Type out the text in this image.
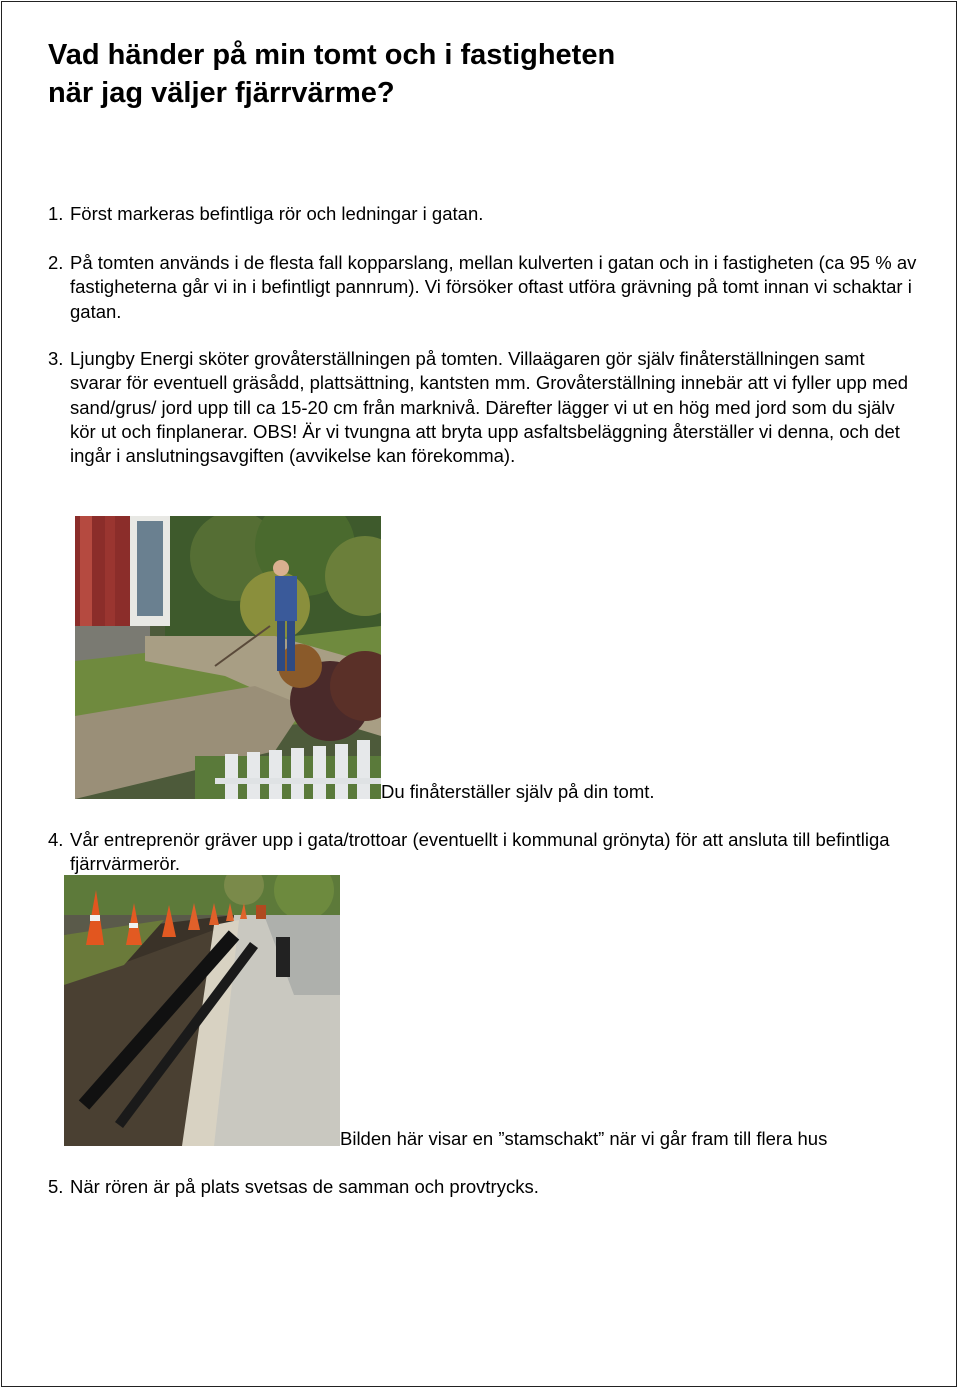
Vad händer på min tomt och i fastigheten
när jag väljer fjärrvärme?
1. Först markeras befintliga rör och ledningar i gatan.
2. På tomten används i de flesta fall kopparslang, mellan kulverten i gatan och in i fastigheten (ca 95 % av fastigheterna går vi in i befintligt pannrum). Vi försöker oftast utföra grävning på tomt innan vi schaktar i gatan.
3. Ljungby Energi sköter grovåterställningen på tomten. Villaägaren gör själv finåterställningen samt svarar för eventuell gräsådd, plattsättning, kantsten mm. Grovåterställning innebär att vi fyller upp med sand/grus/ jord upp till ca 15-20 cm från marknivå. Därefter lägger vi ut en hög med jord som du själv kör ut och finplanerar. OBS! Är vi tvungna att bryta upp asfaltsbeläggning återställer vi denna, och det ingår i anslutningsavgiften (avvikelse kan förekomma).
Du finåterställer själv på din tomt.
4. Vår entreprenör gräver upp i gata/trottoar (eventuellt i kommunal grönyta) för att ansluta till befintliga fjärrvärmerör.
Bilden här visar en ”stamschakt” när vi går fram till flera hus
5. När rören är på plats svetsas de samman och provtrycks.
